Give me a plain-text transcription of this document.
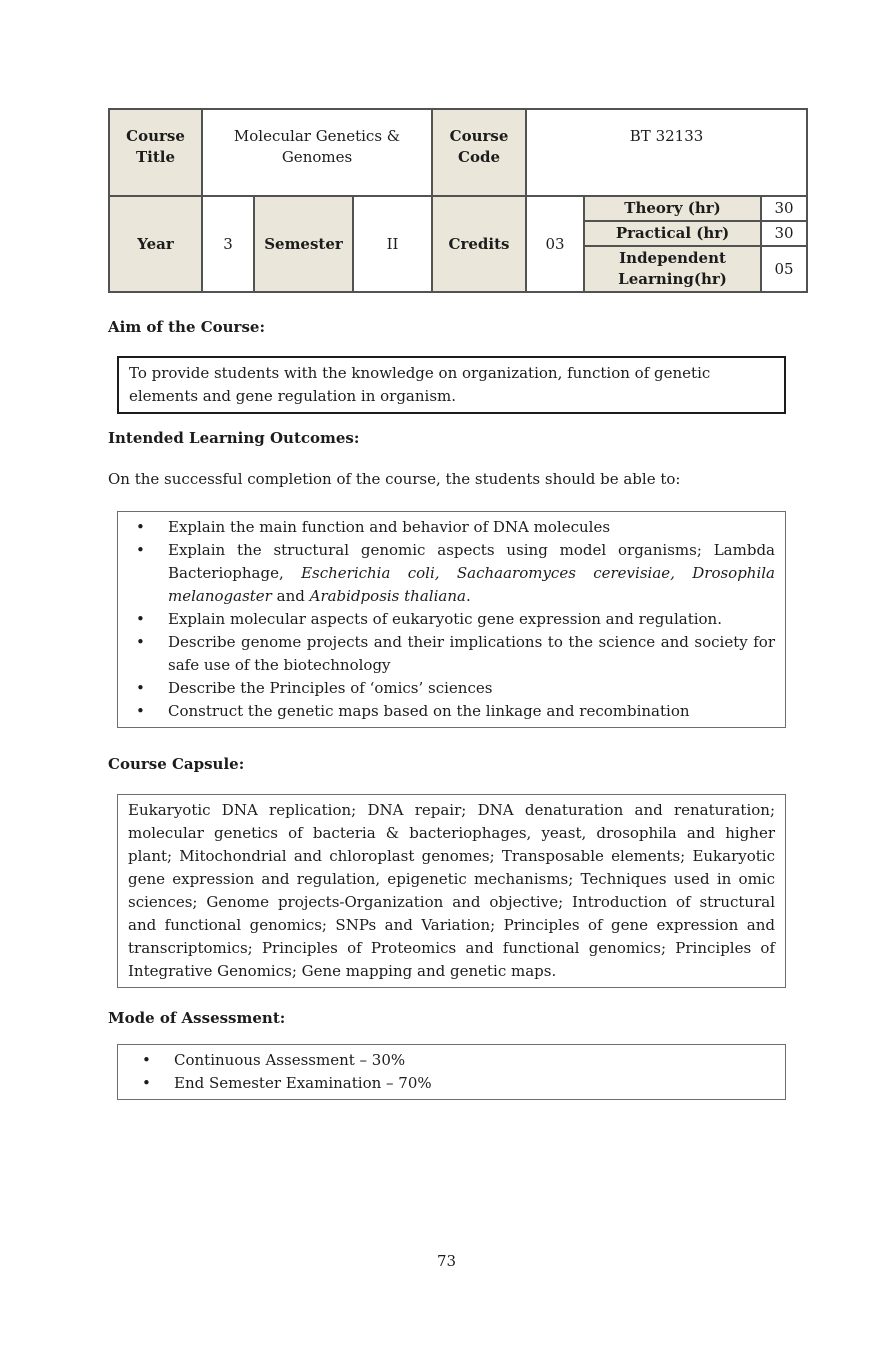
Course Title	Molecular Genetics & Genomes			Course Code	BT 32133		
Year	3	Semester	II	Credits	03	Theory (hr)	30
						Practical (hr)	30
						Independent Learning(hr)	05

Aim of the Course:

To provide students with the knowledge on organization, function of genetic elements and gene regulation in organism.

Intended Learning Outcomes:

On the successful completion of the course, the students should be able to:

•	Explain the main function and behavior of DNA molecules
•	Explain the structural genomic aspects using model organisms; Lambda Bacteriophage, Escherichia coli, Sachaaromyces cerevisiae, Drosophila melanogaster and Arabidposis thaliana.
•	Explain molecular aspects of eukaryotic gene expression and regulation.
•	Describe genome projects and their implications to the science and society for safe use of the biotechnology
•	Describe the Principles of ‘omics’ sciences
•	Construct the genetic maps based on the linkage and recombination

Course Capsule:

Eukaryotic DNA replication; DNA repair; DNA denaturation and renaturation; molecular genetics of bacteria & bacteriophages, yeast, drosophila and higher plant; Mitochondrial and chloroplast genomes; Transposable elements; Eukaryotic gene expression and regulation, epigenetic mechanisms; Techniques used in omic sciences; Genome projects-Organization and objective; Introduction of structural and functional genomics; SNPs and Variation; Principles of gene expression and transcriptomics; Principles of Proteomics and functional genomics; Principles of Integrative Genomics; Gene mapping and genetic maps.

Mode of Assessment:

•	Continuous Assessment – 30%
•	End Semester Examination – 70%
73
